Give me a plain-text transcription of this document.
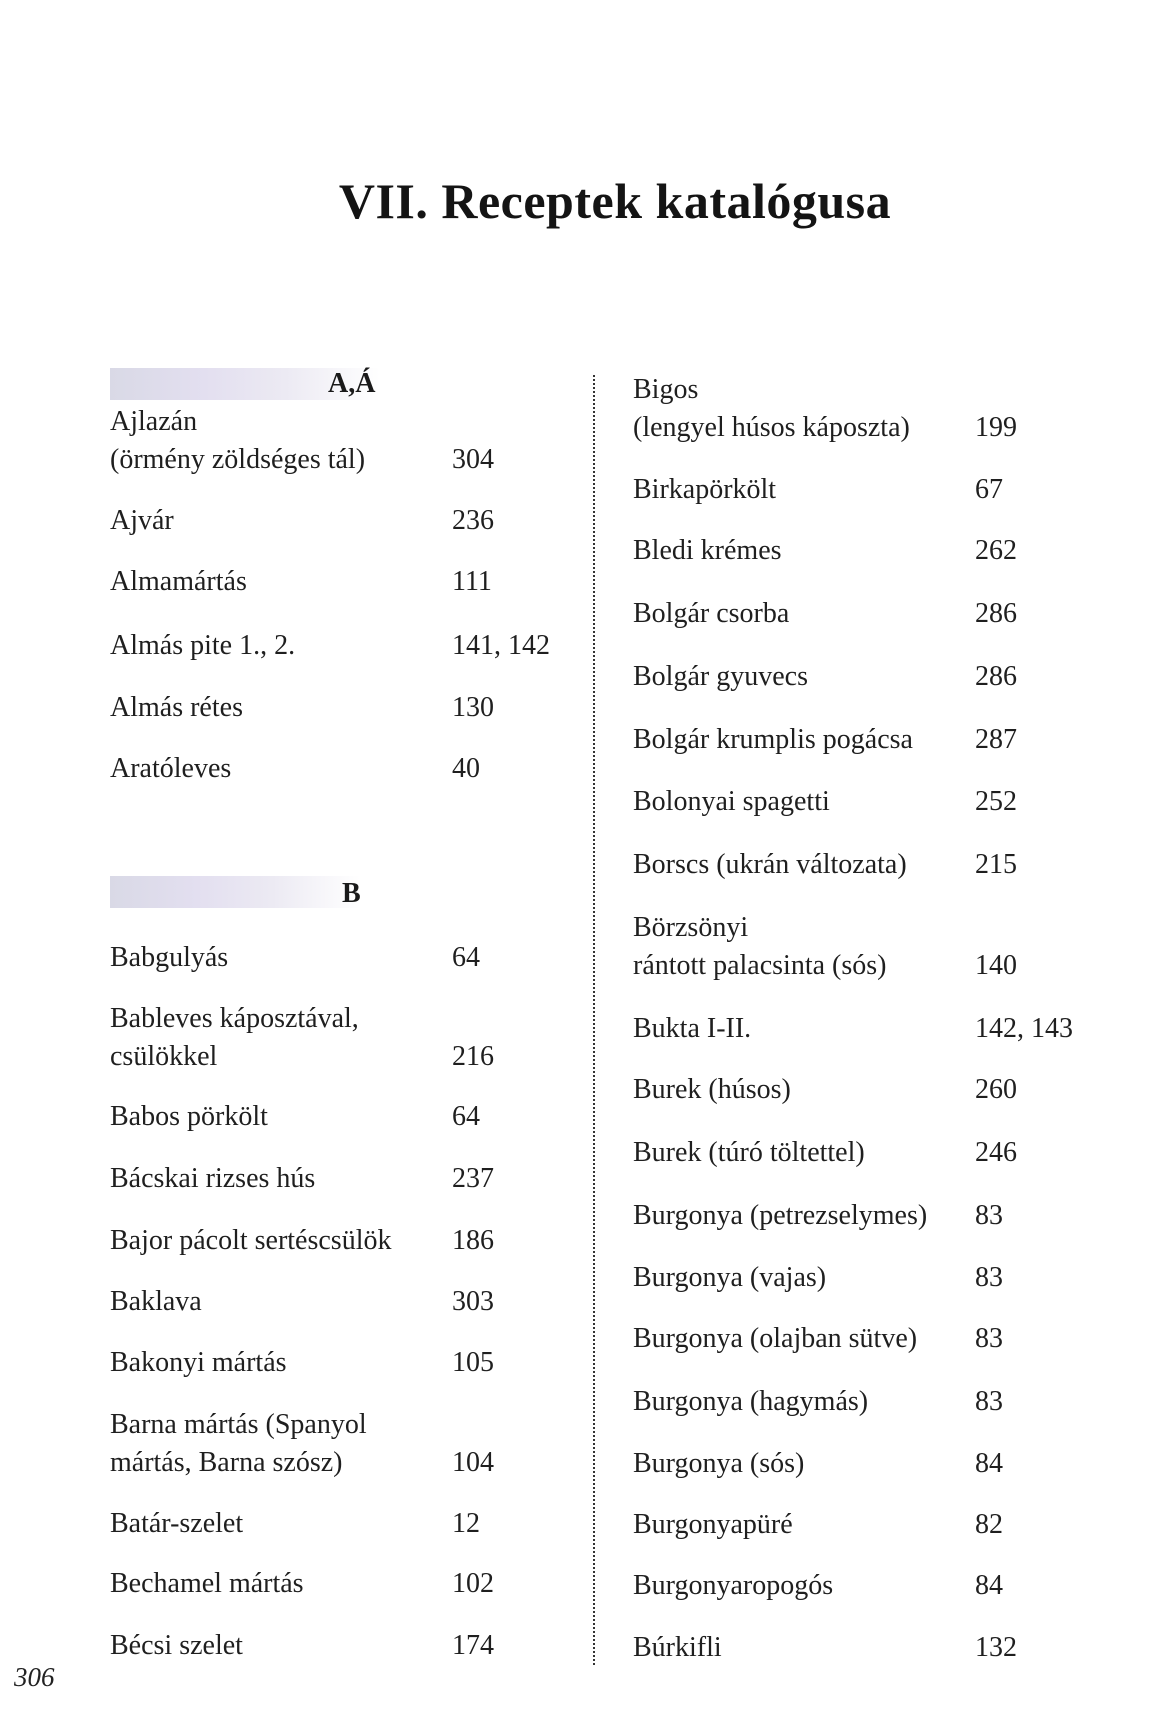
VII. Receptek katalógusa
A,Á
Ajlazán
(örmény zöldséges tál)	304
Ajvár	236
Almamártás	111
Almás pite 1., 2.	141, 142
Almás rétes	130
Aratóleves	40
B
Babgulyás	64
Bableves káposztával,
csülökkel	216
Babos pörkölt	64
Bácskai rizses hús	237
Bajor pácolt sertéscsülök 186
Baklava	303
Bakonyi mártás	105
Barna mártás (Spanyol
mártás, Barna szósz)	104
Batár-szelet	12
Bechamel mártás	102
Bécsi szelet	174
Bigos
(lengyel húsos káposzta) 199
Birkapörkölt	67
Bledi krémes	262
Bolgár csorba	286
Bolgár gyuvecs	286
Bolgár krumplis pogácsa 287
Bolonyai spagetti	252
Borscs (ukrán változata) 215
Börzsönyi
rántott palacsinta (sós)	140
Bukta I-II.	142, 143
Burek (húsos)	260
Burek (túró töltettel)	246
Burgonya (petrezselymes) 83
Burgonya (vajas)	83
Burgonya (olajban sütve) 83
Burgonya (hagymás)	83
Burgonya (sós)	84
Burgonyapüré	82
Burgonyaropogós	84
Búrkifli	132
306
